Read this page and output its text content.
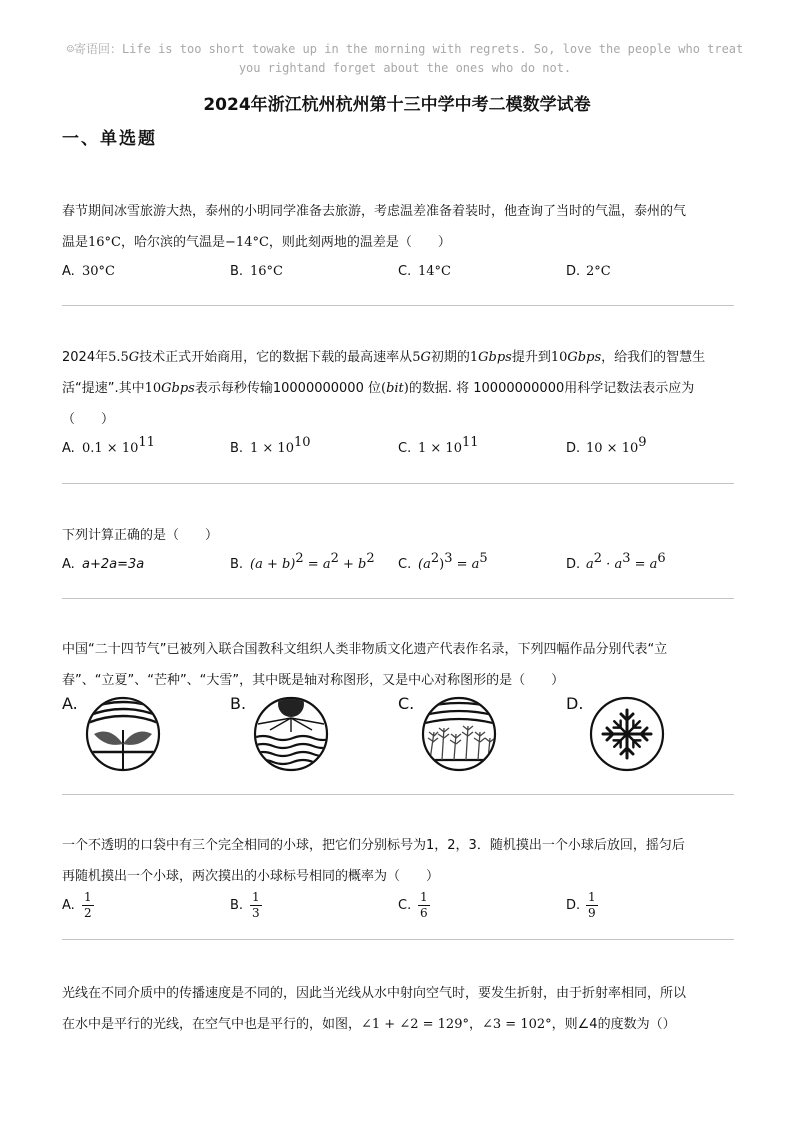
☺寄语回：Life is too short towake up in the morning with regrets. So, love the people who treat
you rightand forget about the ones who do not.
2024年浙江杭州杭州第十三中学中考二模数学试卷
一、单选题
春节期间冰雪旅游大热，泰州的小明同学准备去旅游，考虑温差准备着装时，他查询了当时的气温，泰州的气
温是16°C，哈尔滨的气温是−14°C，则此刻两地的温差是（　　）
A. 30°C	B. 16°C	C. 14°C	D. 2°C
2024年5.5G技术正式开始商用，它的数据下载的最高速率从5G初期的1Gbps提升到10Gbps，给我们的智慧生
活“提速”.其中10Gbps表示每秒传输10000000000 位(bit)的数据. 将 10000000000用科学记数法表示应为
（　　）
A. $0.1 \times 10^{11}$	B. $1 \times 10^{10}$	C. $1 \times 10^{11}$	D. $10 \times 10^9$
下列计算正确的是（　　）
A. a+2a=3a	B. $(a + b)^2 = a^2 + b^2$ C. $(a^2)^3 = a^5$	D. $a^2 \cdot a^3 = a^6$
中国“二十四节气”已被列入联合国教科文组织人类非物质文化遗产代表作名录，下列四幅作品分别代表“立
春”、“立夏”、“芒种”、“大雪”，其中既是轴对称图形，又是中心对称图形的是（　　）
A.	B.	C.	D.
一个不透明的口袋中有三个完全相同的小球，把它们分别标号为1，2，3．随机摸出一个小球后放回，摇匀后
再随机摸出一个小球，两次摸出的小球标号相同的概率为（　　）
A. $\frac{1}{2}$	B. $\frac{1}{3}$	C. $\frac{1}{6}$	D. $\frac{1}{9}$
光线在不同介质中的传播速度是不同的，因此当光线从水中射向空气时，要发生折射，由于折射率相同，所以
在水中是平行的光线，在空气中也是平行的，如图，∠1 + ∠2 = 129°，∠3 = 102°，则∠4的度数为（）
